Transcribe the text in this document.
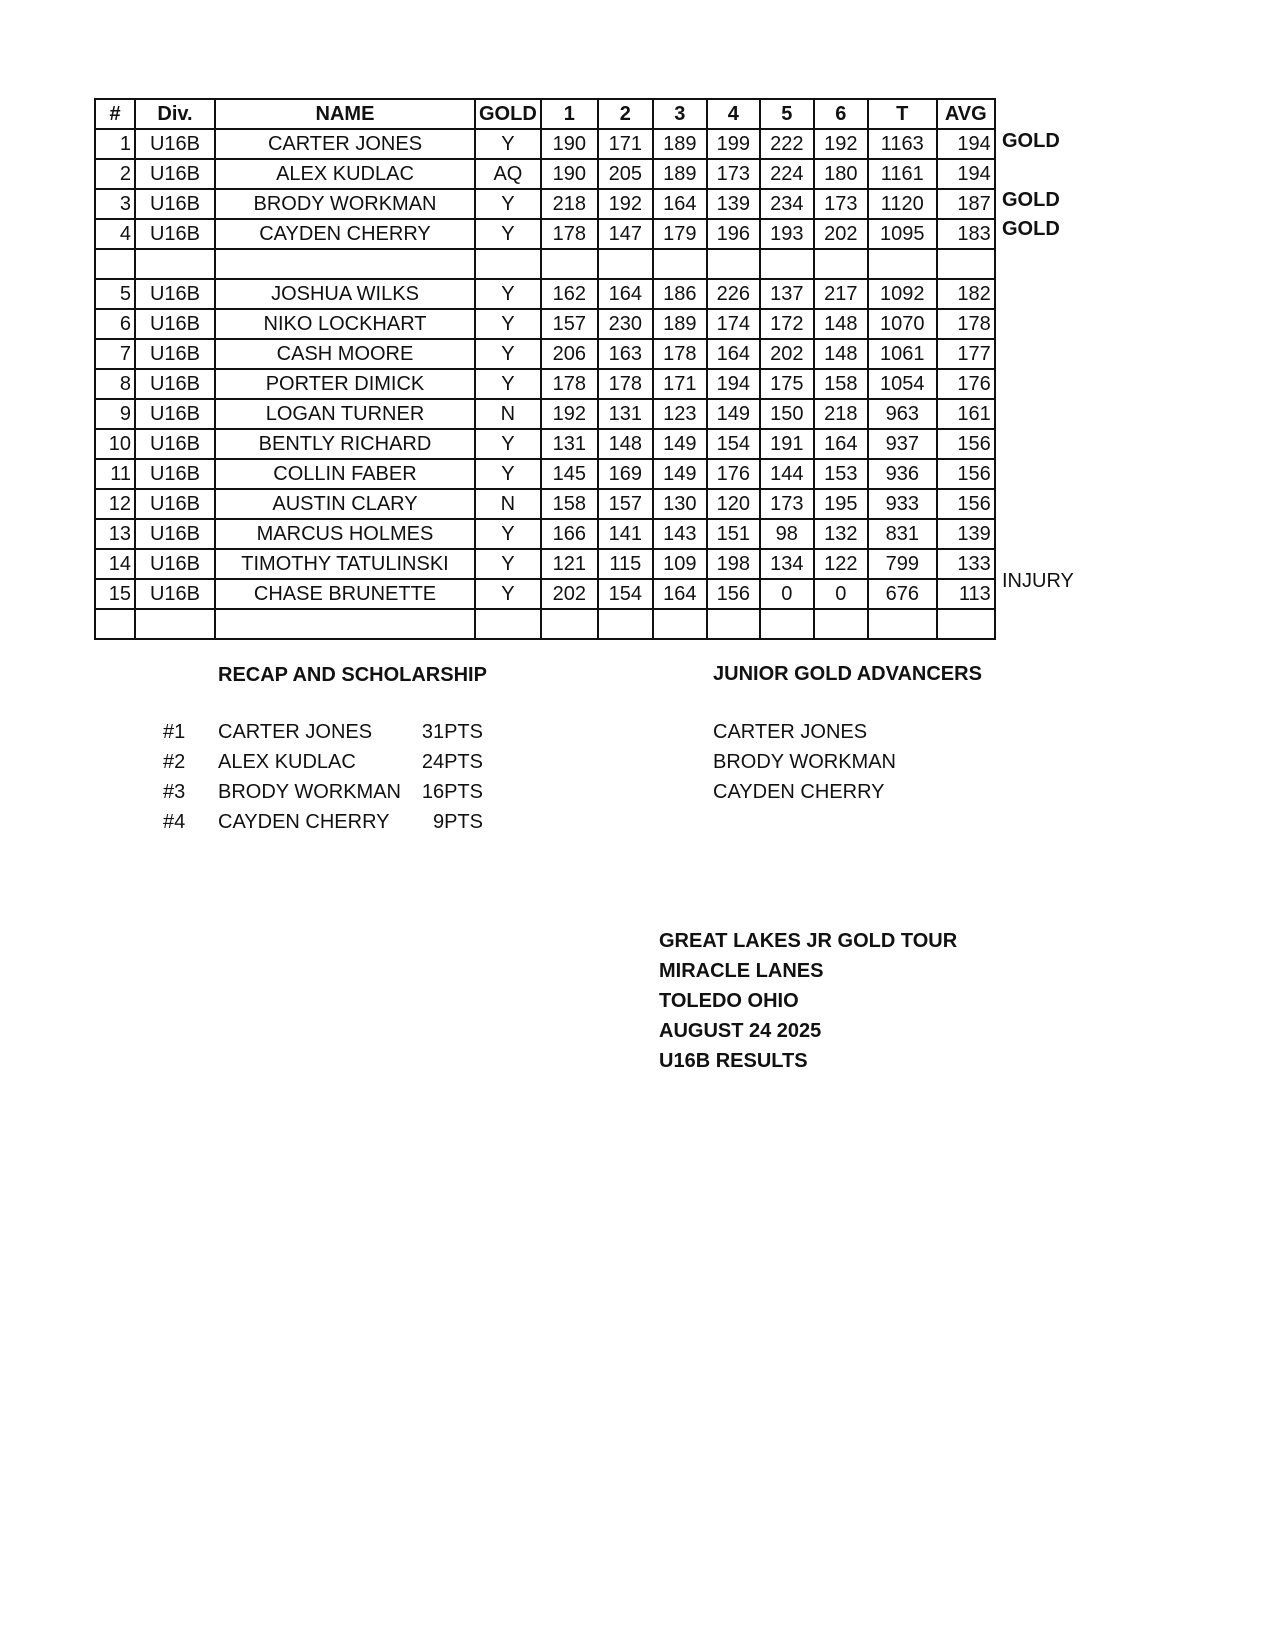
#	Div.	NAME	GOLD	1	2	3	4	5	6	T	AVG
1	U16B	CARTER JONES	Y	190	171	189	199	222	192	1163	194
2	U16B	ALEX KUDLAC	AQ	190	205	189	173	224	180	1161	194
3	U16B	BRODY WORKMAN	Y	218	192	164	139	234	173	1120	187
4	U16B	CAYDEN CHERRY	Y	178	147	179	196	193	202	1095	183

5	U16B	JOSHUA WILKS	Y	162	164	186	226	137	217	1092	182
6	U16B	NIKO LOCKHART	Y	157	230	189	174	172	148	1070	178
7	U16B	CASH MOORE	Y	206	163	178	164	202	148	1061	177
8	U16B	PORTER DIMICK	Y	178	178	171	194	175	158	1054	176
9	U16B	LOGAN TURNER	N	192	131	123	149	150	218	963	161
10	U16B	BENTLY RICHARD	Y	131	148	149	154	191	164	937	156
11	U16B	COLLIN FABER	Y	145	169	149	176	144	153	936	156
12	U16B	AUSTIN CLARY	N	158	157	130	120	173	195	933	156
13	U16B	MARCUS HOLMES	Y	166	141	143	151	98	132	831	139
14	U16B	TIMOTHY TATULINSKI	Y	121	115	109	198	134	122	799	133
15	U16B	CHASE BRUNETTE	Y	202	154	164	156	0	0	676	113

GOLD
GOLD
GOLD
INJURY
RECAP AND SCHOLARSHIP
#1 CARTER JONES	31PTS
#2 ALEX KUDLAC	24PTS
#3 BRODY WORKMAN	16PTS
#4 CAYDEN CHERRY	9PTS
JUNIOR GOLD ADVANCERS
CARTER JONES
BRODY WORKMAN
CAYDEN CHERRY
GREAT LAKES JR GOLD TOUR
MIRACLE LANES
TOLEDO OHIO
AUGUST 24 2025
U16B RESULTS
